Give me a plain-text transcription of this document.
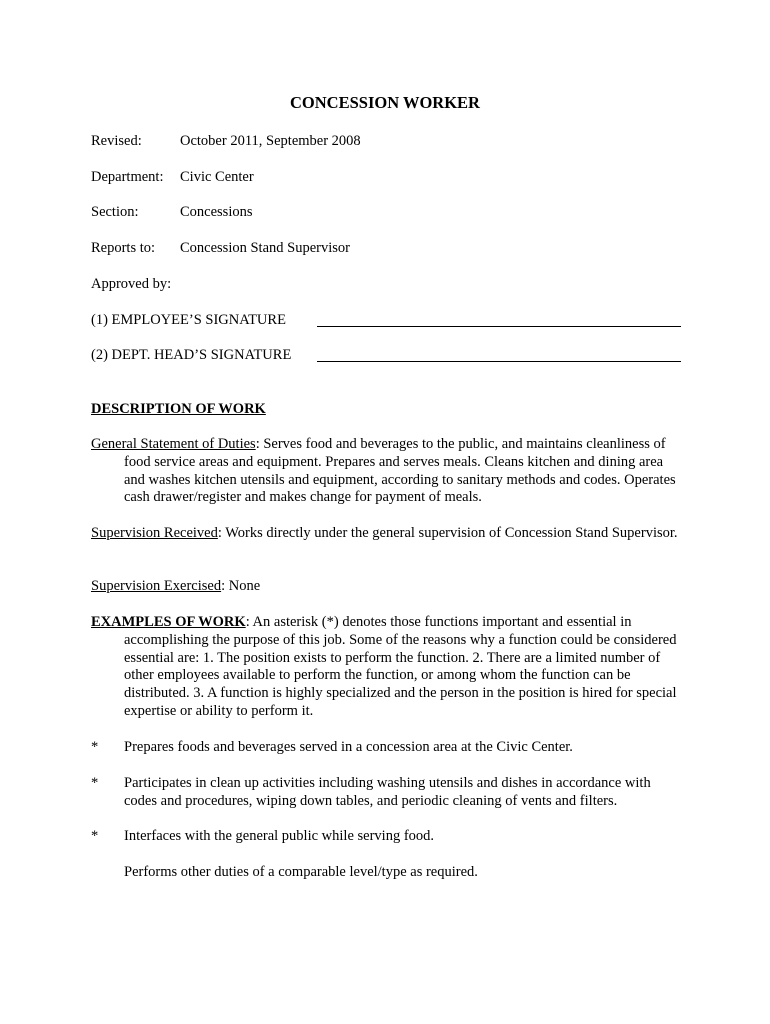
CONCESSION WORKER
Revised:	October 2011, September 2008
Department: Civic Center
Section:	Concessions
Reports to: Concession Stand Supervisor
Approved by:
(1) EMPLOYEE’S SIGNATURE
(2) DEPT. HEAD’S SIGNATURE
DESCRIPTION OF WORK
General Statement of Duties: Serves food and beverages to the public, and maintains cleanliness of food service areas and equipment. Prepares and serves meals. Cleans kitchen and dining area and washes kitchen utensils and equipment, according to sanitary methods and codes. Operates cash drawer/register and makes change for payment of meals.
Supervision Received: Works directly under the general supervision of Concession Stand Supervisor.
Supervision Exercised: None
EXAMPLES OF WORK: An asterisk (*) denotes those functions important and essential in accomplishing the purpose of this job. Some of the reasons why a function could be considered essential are: 1. The position exists to perform the function. 2. There are a limited number of other employees available to perform the function, or among whom the function can be distributed. 3. A function is highly specialized and the person in the position is hired for special expertise or ability to perform it.
* Prepares foods and beverages served in a concession area at the Civic Center.
* Participates in clean up activities including washing utensils and dishes in accordance with codes and procedures, wiping down tables, and periodic cleaning of vents and filters.
* Interfaces with the general public while serving food.
Performs other duties of a comparable level/type as required.
